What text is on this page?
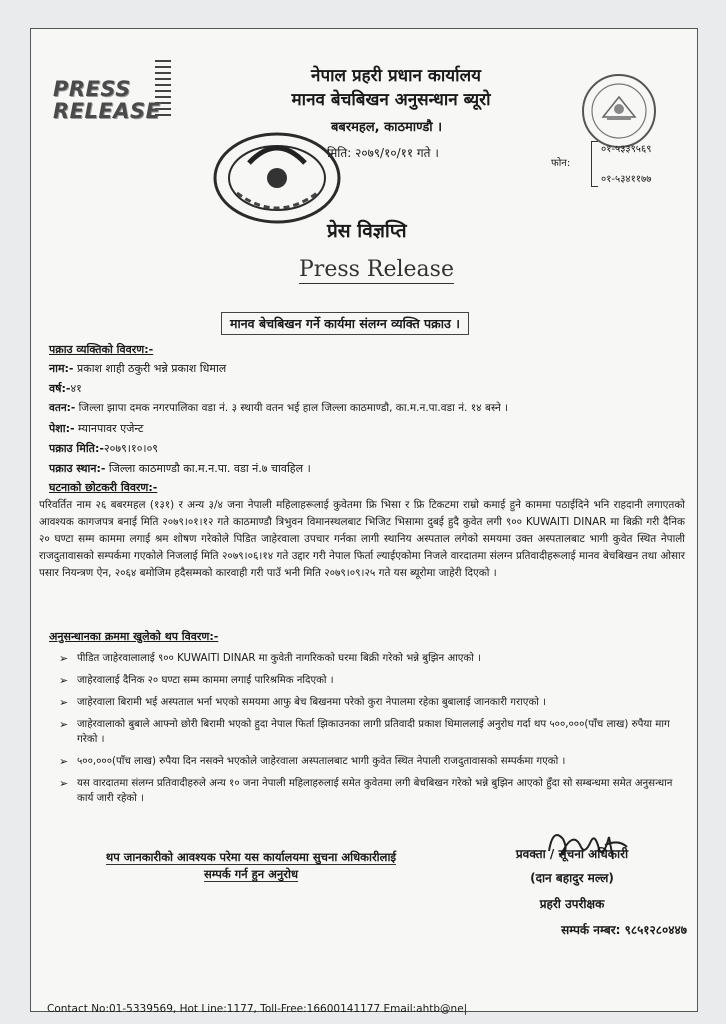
PRESS
RELEASE
नेपाल प्रहरी प्रधान कार्यालय
मानव बेचबिखन अनुसन्धान ब्यूरो
बबरमहल, काठमाण्डौ ।
मिति: २०७९/१०/११ गते ।
फोन:
०१-५३३९५६९
०१-५३४११७७
प्रेस विज्ञप्ति
Press Release
मानव बेचबिखन गर्ने कार्यमा संलग्न व्यक्ति पक्राउ ।
पक्राउ व्यक्तिको विवरण:-
नाम:- प्रकाश शाही ठकुरी भन्ने प्रकाश धिमाल
वर्ष:-४१
वतन:- जिल्ला झापा दमक नगरपालिका वडा नं. ३ स्थायी वतन भई हाल जिल्ला काठमाण्डौ, का.म.न.पा.वडा नं. १४ बस्ने ।
पेशा:- म्यानपावर एजेन्ट
पक्राउ मिति:-२०७९।१०।०९
पक्राउ स्थान:- जिल्ला काठमाण्डौ का.म.न.पा. वडा नं.७ चावहिल ।
घटनाको छोटकरी विवरण:-
परिवर्तित नाम २६ बबरमहल (१३१) र अन्य ३/४ जना नेपाली महिलाहरूलाई कुवेतमा फ्रि भिसा र फ्रि टिकटमा राम्रो कमाई हुने काममा पठाईदिने भनि राहदानी लगाएतको आवश्यक कागजपत्र बनाई मिति २०७९।०१।१२ गते काठमाण्डौ त्रिभुवन विमानस्थलबाट भिजिट भिसामा दुबई हुदै कुवेत लगी ९०० KUWAITI DINAR मा बिक्री गरी दैनिक २० घण्टा सम्म काममा लगाई श्रम शोषण गरेकोले पिडित जाहेरवाला उपचार गर्नका लागी स्थानिय अस्पताल लगेको समयमा उक्त अस्पतालबाट भागी कुवेत स्थित नेपाली राजदुतावासको सम्पर्कमा गएकोले निजलाई मिति २०७९।०६।१४ गते उद्दार गरी नेपाल फिर्ता ल्याईएकोमा निजले वारदातमा संलग्न प्रतिवादीहरूलाई मानव बेचबिखन तथा ओसार पसार नियन्त्रण ऐन, २०६४ बमोजिम हदैसम्मको कारवाही गरी पाउँ भनी मिति २०७९।०९।२५ गते यस ब्यूरोमा जाहेरी दिएको ।
अनुसन्धानका क्रममा खुलेको थप विवरण:-
➢ पीडित जाहेरवालालाई ९०० KUWAITI DINAR मा कुवेती नागरिकको घरमा बिक्री गरेको भन्ने बुझिन आएको ।
➢ जाहेरवालाई दैनिक २० घण्टा सम्म काममा लगाई पारिश्रमिक नदिएको ।
➢ जाहेरवाला बिरामी भई अस्पताल भर्ना भएको समयमा आफु बेच बिखनमा परेको कुरा नेपालमा रहेका बुबालाई जानकारी गराएको ।
➢ जाहेरवालाको बुबाले आफ्नो छोरी बिरामी भएको हुदा नेपाल फिर्ता झिकाउनका लागी प्रतिवादी प्रकाश धिमाललाई अनुरोध गर्दा थप ५००,०००(पाँच लाख) रुपैया माग गरेको ।
➢ ५००,०००(पाँच लाख) रुपैया दिन नसक्ने भएकोले जाहेरवाला अस्पतालबाट भागी कुवेत स्थित नेपाली राजदुतावासको सम्पर्कमा गएको ।
➢ यस वारदातमा संलग्न प्रतिवादीहरुले अन्य १० जना नेपाली महिलाहरुलाई समेत कुवेतमा लगी बेचबिखन गरेको भन्ने बुझिन आएको हुँदा सो सम्बन्धमा समेत अनुसन्धान कार्य जारी रहेको ।
थप जानकारीको आवश्यक परेमा यस कार्यालयमा सुचना अधिकारीलाई
सम्पर्क गर्न हुन अनुरोध
प्रवक्ता / सूचना अधिकारी
(दान बहादुर मल्ल)
प्रहरी उपरीक्षक
सम्पर्क नम्बर: ९८५१२८०४४७
Contact No:01-5339569, Hot Line:1177, Toll-Free:16600141177 Email:ahtb@ne|
